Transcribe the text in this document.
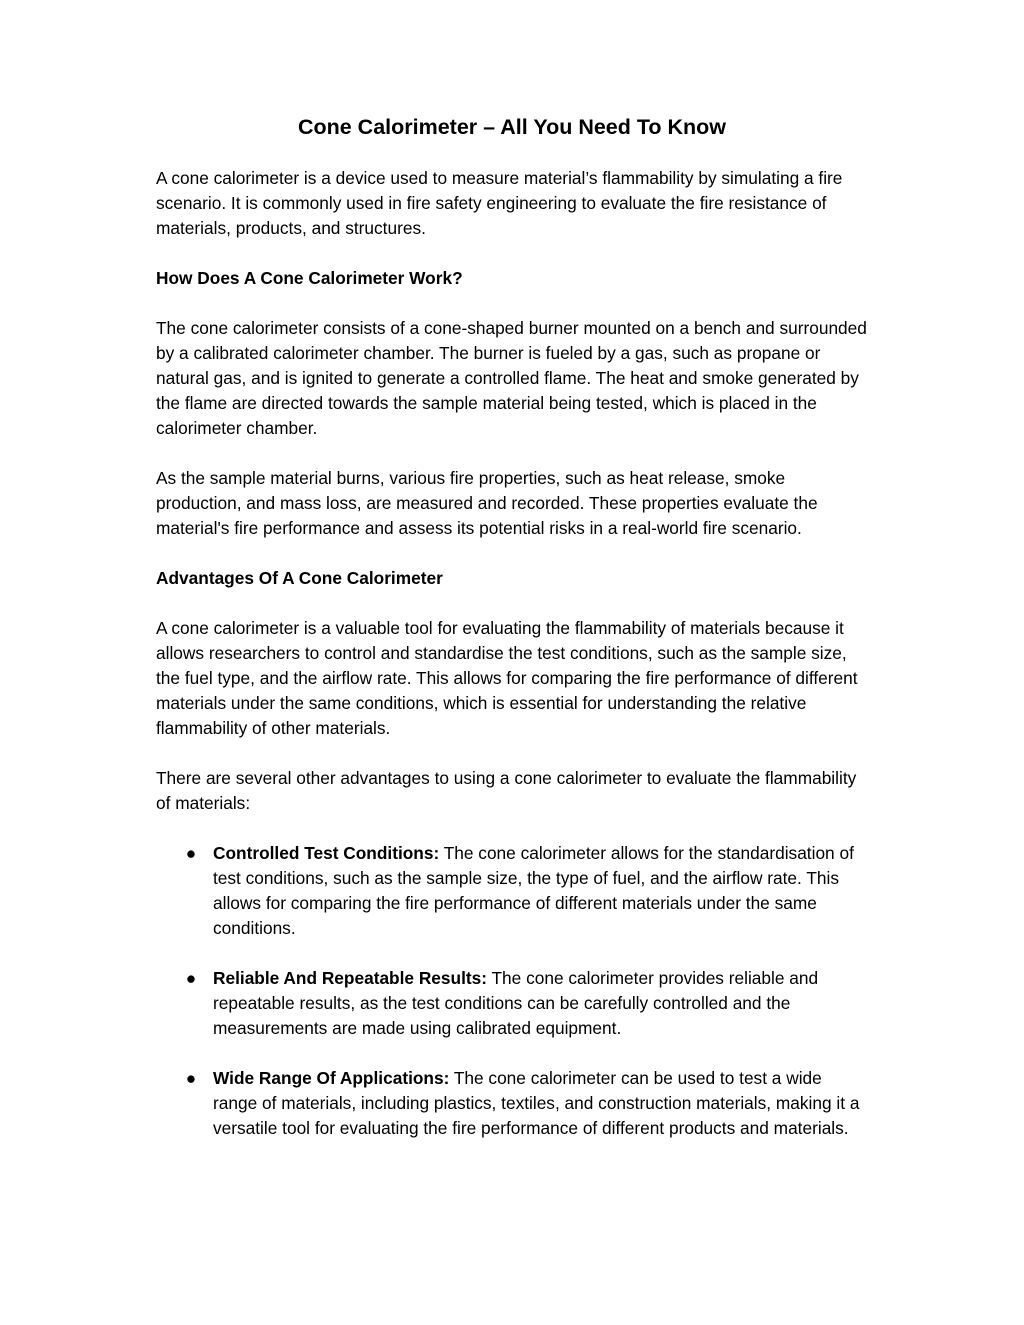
Cone Calorimeter – All You Need To Know

A cone calorimeter is a device used to measure material’s flammability by simulating a fire scenario. It is commonly used in fire safety engineering to evaluate the fire resistance of materials, products, and structures.

How Does A Cone Calorimeter Work?

The cone calorimeter consists of a cone-shaped burner mounted on a bench and surrounded by a calibrated calorimeter chamber. The burner is fueled by a gas, such as propane or natural gas, and is ignited to generate a controlled flame. The heat and smoke generated by the flame are directed towards the sample material being tested, which is placed in the calorimeter chamber.

As the sample material burns, various fire properties, such as heat release, smoke production, and mass loss, are measured and recorded. These properties evaluate the material's fire performance and assess its potential risks in a real-world fire scenario.

Advantages Of A Cone Calorimeter

A cone calorimeter is a valuable tool for evaluating the flammability of materials because it allows researchers to control and standardise the test conditions, such as the sample size, the fuel type, and the airflow rate. This allows for comparing the fire performance of different materials under the same conditions, which is essential for understanding the relative flammability of other materials.

There are several other advantages to using a cone calorimeter to evaluate the flammability of materials:

● Controlled Test Conditions: The cone calorimeter allows for the standardisation of test conditions, such as the sample size, the type of fuel, and the airflow rate. This allows for comparing the fire performance of different materials under the same conditions.
● Reliable And Repeatable Results: The cone calorimeter provides reliable and repeatable results, as the test conditions can be carefully controlled and the measurements are made using calibrated equipment.
● Wide Range Of Applications: The cone calorimeter can be used to test a wide range of materials, including plastics, textiles, and construction materials, making it a versatile tool for evaluating the fire performance of different products and materials.
